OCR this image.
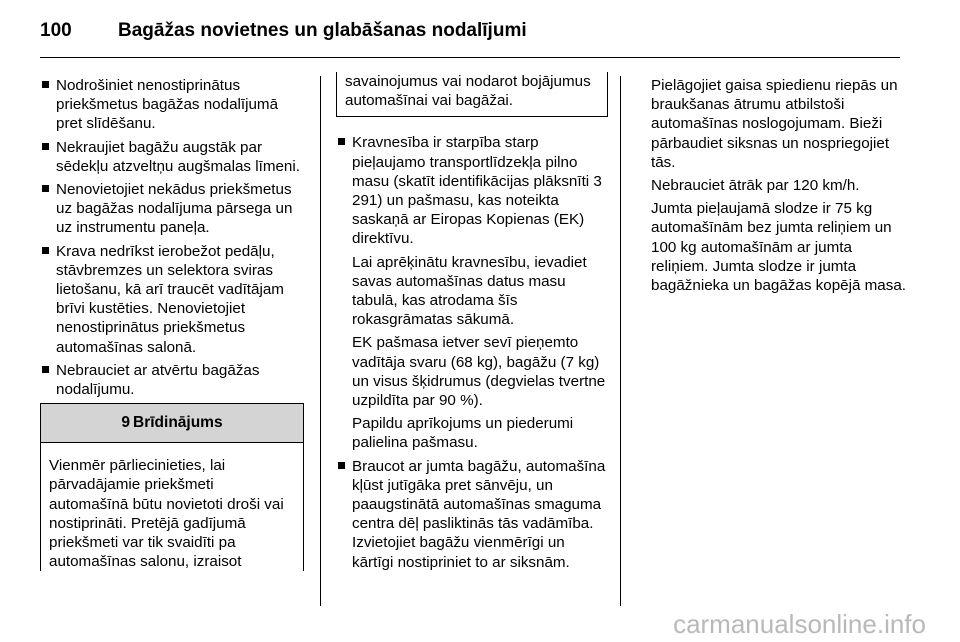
100 Bagāžas novietnes un glabāšanas nodalījumi
Nodrošiniet nenostiprinātus priekšmetus bagāžas nodalījumā pret slīdēšanu.
Nekraujiet bagāžu augstāk par sēdekļu atzveltņu augšmalas līmeni.
Nenovietojiet nekādus priekšmetus uz bagāžas nodalījuma pārsega un uz instrumentu paneļa.
Krava nedrīkst ierobežot pedāļu, stāvbremzes un selektora sviras lietošanu, kā arī traucēt vadītājam brīvi kustēties. Nenovietojiet nenostiprinātus priekšmetus automašīnas salonā.
Nebrauciet ar atvērtu bagāžas nodalījumu.
9 Brīdinājums
Vienmēr pārliecinieties, lai pārvadājamie priekšmeti automašīnā būtu novietoti droši vai nostiprināti. Pretējā gadījumā priekšmeti var tik svaidīti pa automašīnas salonu, izraisot
savainojumus vai nodarot bojājumus automašīnai vai bagāžai.
Kravnesība ir starpība starp pieļaujamo transportlīdzekļa pilno masu (skatīt identifikācijas plāksnīti 3 291) un pašmasu, kas noteikta saskaņā ar Eiropas Kopienas (EK) direktīvu.
Lai aprēķinātu kravnesību, ievadiet savas automašīnas datus masu tabulā, kas atrodama šīs rokasgrāmatas sākumā.
EK pašmasa ietver sevī pieņemto vadītāja svaru (68 kg), bagāžu (7 kg) un visus šķidrumus (degvielas tvertne uzpildīta par 90 %).
Papildu aprīkojums un piederumi palielina pašmasu.
Braucot ar jumta bagāžu, automašīna kļūst jutīgāka pret sānvēju, un paaugstinātā automašīnas smaguma centra dēļ pasliktinās tās vadāmība. Izvietojiet bagāžu vienmērīgi un kārtīgi nostipriniet to ar siksnām.
Pielāgojiet gaisa spiedienu riepās un braukšanas ātrumu atbilstoši automašīnas noslogojumam. Bieži pārbaudiet siksnas un nospriegojiet tās.
Nebrauciet ātrāk par 120 km/h.
Jumta pieļaujamā slodze ir 75 kg automašīnām bez jumta reliņiem un 100 kg automašīnām ar jumta reliņiem. Jumta slodze ir jumta bagāžnieka un bagāžas kopējā masa.
carmanualsonline.info
